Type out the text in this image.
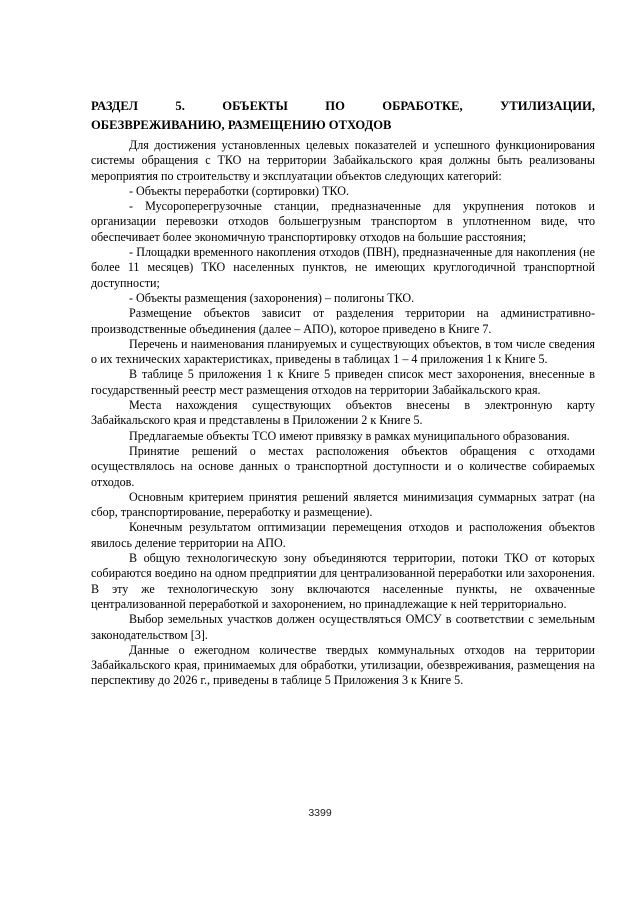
РАЗДЕЛ 5. ОБЪЕКТЫ ПО ОБРАБОТКЕ, УТИЛИЗАЦИИ,
ОБЕЗВРЕЖИВАНИЮ, РАЗМЕЩЕНИЮ ОТХОДОВ

Для достижения установленных целевых показателей и успешного функционирования системы обращения с ТКО на территории Забайкальского края должны быть реализованы мероприятия по строительству и эксплуатации объектов следующих категорий:

- Объекты переработки (сортировки) ТКО.

- Мусороперегрузочные станции, предназначенные для укрупнения потоков и организации перевозки отходов большегрузным транспортом в уплотненном виде, что обеспечивает более экономичную транспортировку отходов на большие расстояния;

- Площадки временного накопления отходов (ПВН), предназначенные для накопления (не более 11 месяцев) ТКО населенных пунктов, не имеющих круглогодичной транспортной доступности;

- Объекты размещения (захоронения) – полигоны ТКО.

Размещение объектов зависит от разделения территории на административно-производственные объединения (далее – АПО), которое приведено в Книге 7.

Перечень и наименования планируемых и существующих объектов, в том числе сведения о их технических характеристиках, приведены в таблицах 1 – 4 приложения 1 к Книге 5.

В таблице 5 приложения 1 к Книге 5 приведен список мест захоронения, внесенные в государственный реестр мест размещения отходов на территории Забайкальского края.

Места нахождения существующих объектов внесены в электронную карту Забайкальского края и представлены в Приложении 2 к Книге 5.

Предлагаемые объекты ТСО имеют привязку в рамках муниципального образования.

Принятие решений о местах расположения объектов обращения с отходами осуществлялось на основе данных о транспортной доступности и о количестве собираемых отходов.

Основным критерием принятия решений является минимизация суммарных затрат (на сбор, транспортирование, переработку и размещение).

Конечным результатом оптимизации перемещения отходов и расположения объектов явилось деление территории на АПО.

В общую технологическую зону объединяются территории, потоки ТКО от которых собираются воедино на одном предприятии для централизованной переработки или захоронения. В эту же технологическую зону включаются населенные пункты, не охваченные централизованной переработкой и захоронением, но принадлежащие к ней территориально.

Выбор земельных участков должен осуществляться ОМСУ в соответствии с земельным законодательством [3].

Данные о ежегодном количестве твердых коммунальных отходов на территории Забайкальского края, принимаемых для обработки, утилизации, обезвреживания, размещения на перспективу до 2026 г., приведены в таблице 5 Приложения 3 к Книге 5.

3399
